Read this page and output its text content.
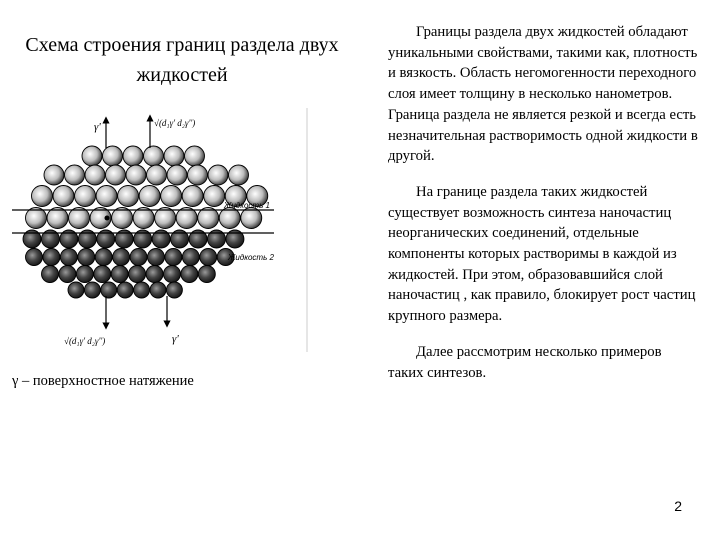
Схема строения границ раздела двух жидкостей
γ'	√(d₁γ' d₂γ'')
√(d₁γ' d₂γ'')	γ'
Жидкость 1
Жидкость 2
γ – поверхностное натяжение

Границы раздела двух жидкостей обладают уникальными свойствами, такими как, плотность и вязкость. Область негомогенности переходного слоя имеет толщину в несколько нанометров. Граница раздела не является резкой и всегда есть незначительная растворимость одной жидкости в другой.

На границе раздела таких жидкостей существует возможность синтеза наночастиц неорганических соединений, отдельные компоненты которых растворимы в каждой из жидкостей. При этом, образовавшийся слой наночастиц , как правило, блокирует рост частиц крупного размера.

Далее рассмотрим несколько примеров таких синтезов.

2
